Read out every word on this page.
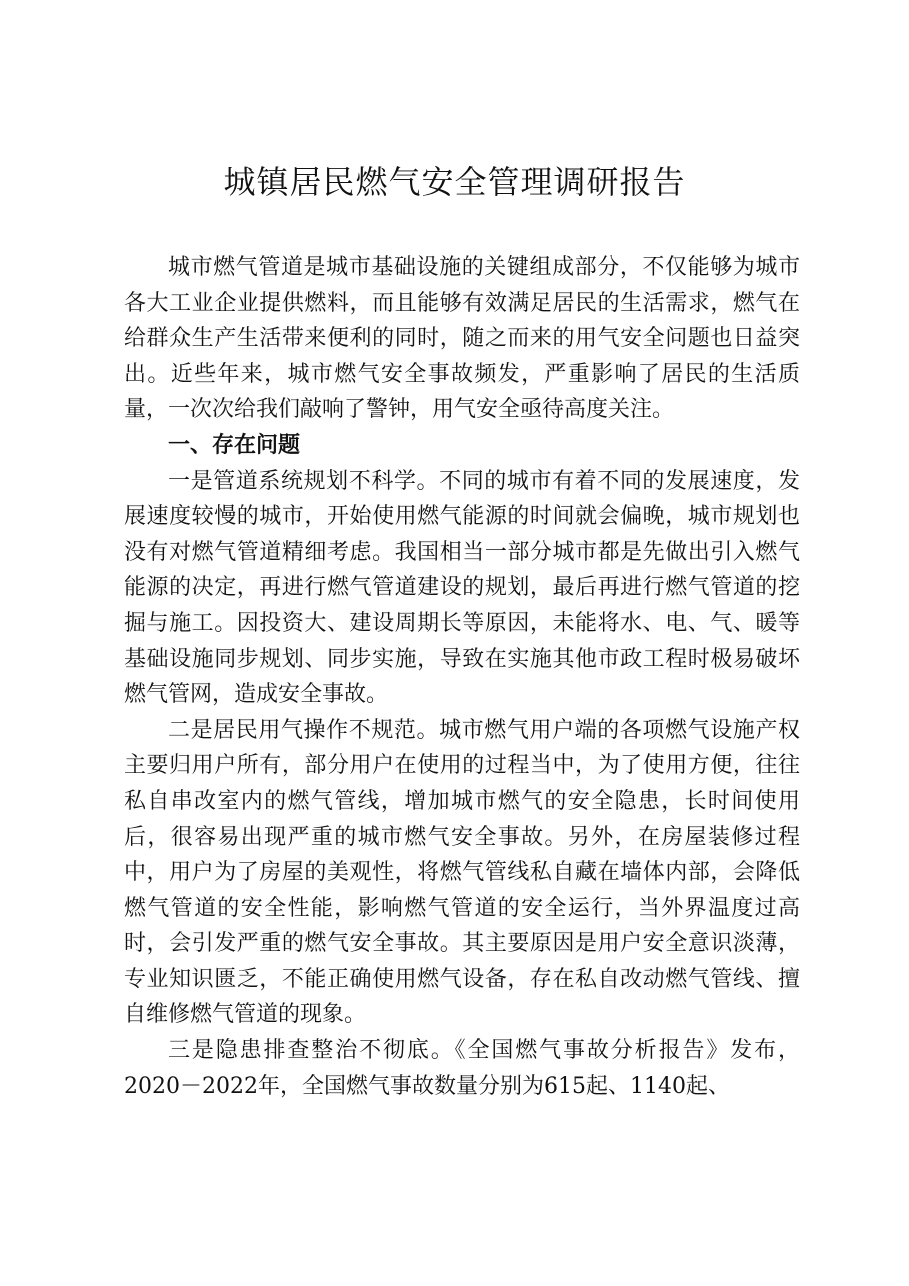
城镇居民燃气安全管理调研报告

城市燃气管道是城市基础设施的关键组成部分，不仅能够为城市各大工业企业提供燃料，而且能够有效满足居民的生活需求，燃气在给群众生产生活带来便利的同时，随之而来的用气安全问题也日益突出。近些年来，城市燃气安全事故频发，严重影响了居民的生活质量，一次次给我们敲响了警钟，用气安全亟待高度关注。

一、存在问题

一是管道系统规划不科学。不同的城市有着不同的发展速度，发展速度较慢的城市，开始使用燃气能源的时间就会偏晚，城市规划也没有对燃气管道精细考虑。我国相当一部分城市都是先做出引入燃气能源的决定，再进行燃气管道建设的规划，最后再进行燃气管道的挖掘与施工。因投资大、建设周期长等原因，未能将水、电、气、暖等基础设施同步规划、同步实施，导致在实施其他市政工程时极易破坏燃气管网，造成安全事故。

二是居民用气操作不规范。城市燃气用户端的各项燃气设施产权主要归用户所有，部分用户在使用的过程当中，为了使用方便，往往私自串改室内的燃气管线，增加城市燃气的安全隐患，长时间使用后，很容易出现严重的城市燃气安全事故。另外，在房屋装修过程中，用户为了房屋的美观性，将燃气管线私自藏在墙体内部，会降低燃气管道的安全性能，影响燃气管道的安全运行，当外界温度过高时，会引发严重的燃气安全事故。其主要原因是用户安全意识淡薄，专业知识匮乏，不能正确使用燃气设备，存在私自改动燃气管线、擅自维修燃气管道的现象。

三是隐患排查整治不彻底。《全国燃气事故分析报告》发布，2020－2022年，全国燃气事故数量分别为615起、1140起、
